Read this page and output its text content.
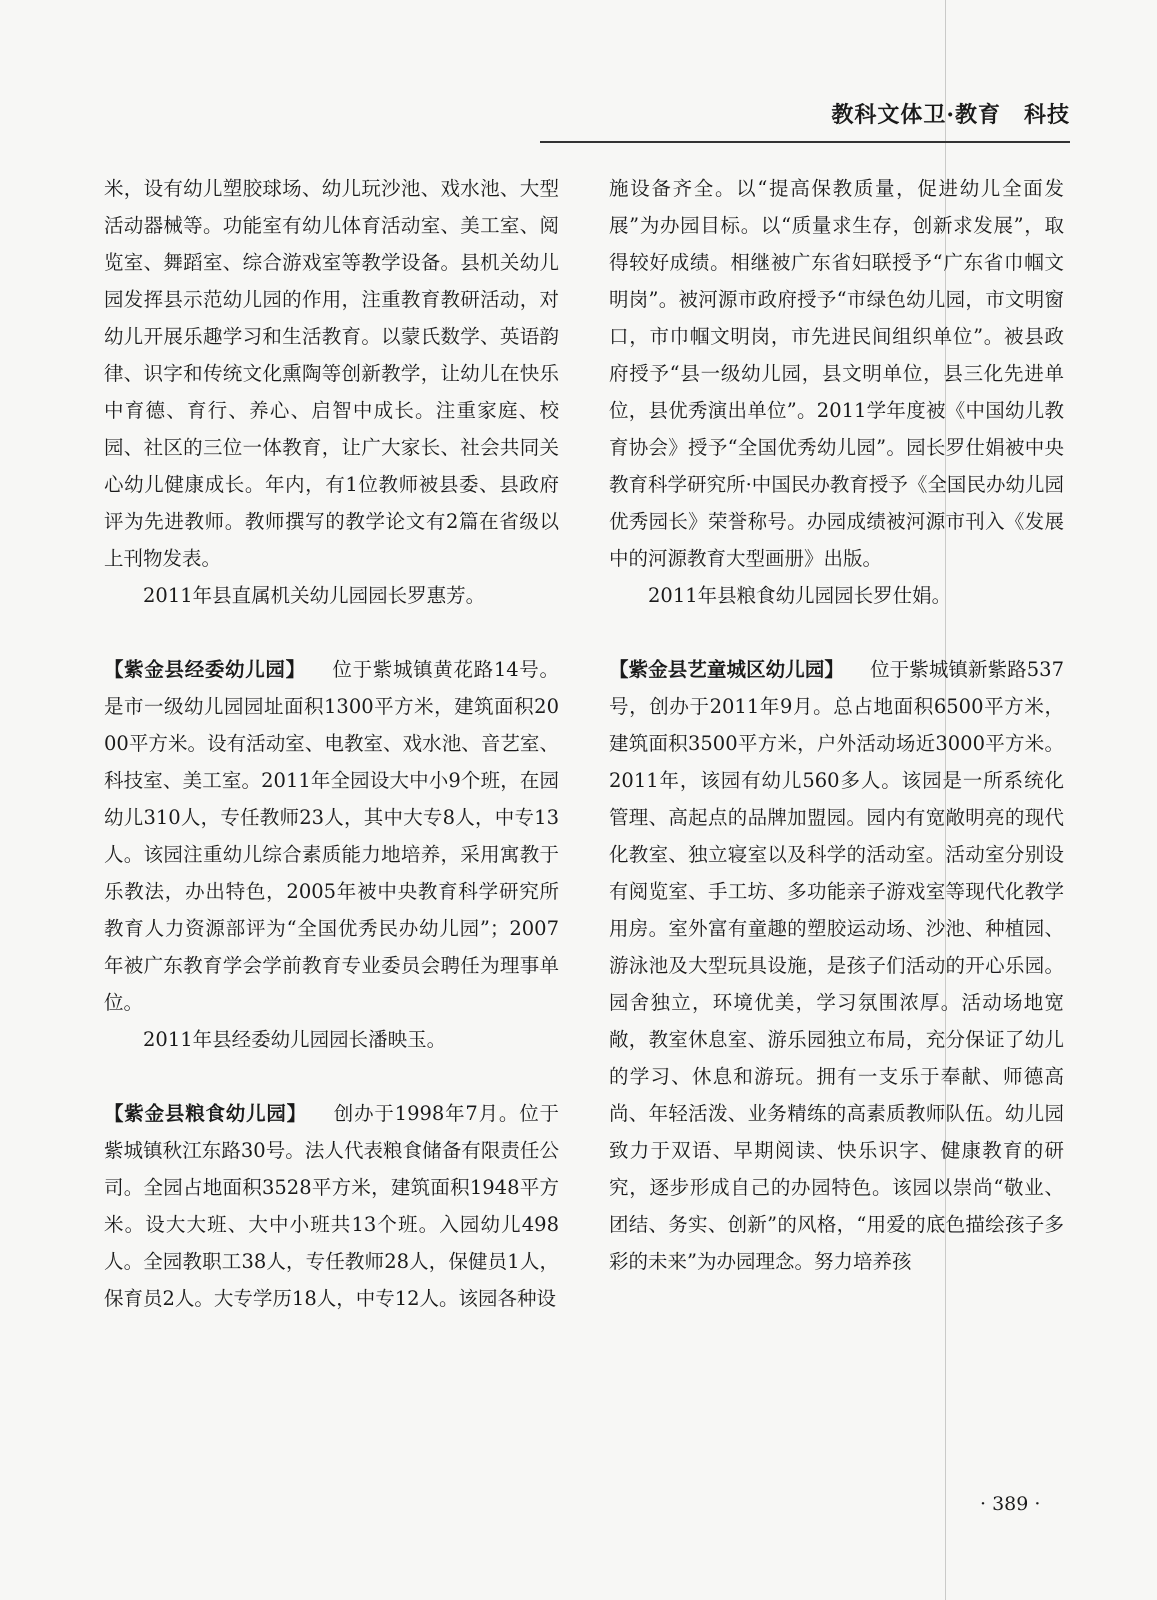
教科文体卫·教育　科技

米，设有幼儿塑胶球场、幼儿玩沙池、戏水池、大型活动器械等。功能室有幼儿体育活动室、美工室、阅览室、舞蹈室、综合游戏室等教学设备。县机关幼儿园发挥县示范幼儿园的作用，注重教育教研活动，对幼儿开展乐趣学习和生活教育。以蒙氏数学、英语韵律、识字和传统文化熏陶等创新教学，让幼儿在快乐中育德、育行、养心、启智中成长。注重家庭、校园、社区的三位一体教育，让广大家长、社会共同关心幼儿健康成长。年内，有1位教师被县委、县政府评为先进教师。教师撰写的教学论文有2篇在省级以上刊物发表。

2011年县直属机关幼儿园园长罗惠芳。

【紫金县经委幼儿园】 位于紫城镇黄花路14号。是市一级幼儿园园址面积1300平方米，建筑面积2000平方米。设有活动室、电教室、戏水池、音艺室、科技室、美工室。2011年全园设大中小9个班，在园幼儿310人，专任教师23人，其中大专8人，中专13人。该园注重幼儿综合素质能力地培养，采用寓教于乐教法，办出特色，2005年被中央教育科学研究所教育人力资源部评为“全国优秀民办幼儿园”；2007年被广东教育学会学前教育专业委员会聘任为理事单位。

2011年县经委幼儿园园长潘映玉。

【紫金县粮食幼儿园】 创办于1998年7月。位于紫城镇秋江东路30号。法人代表粮食储备有限责任公司。全园占地面积3528平方米，建筑面积1948平方米。设大大班、大中小班共13个班。入园幼儿498人。全园教职工38人，专任教师28人，保健员1人，保育员2人。大专学历18人，中专12人。该园各种设

施设备齐全。以“提高保教质量，促进幼儿全面发展”为办园目标。以“质量求生存，创新求发展”，取得较好成绩。相继被广东省妇联授予“广东省巾帼文明岗”。被河源市政府授予“市绿色幼儿园，市文明窗口，市巾帼文明岗，市先进民间组织单位”。被县政府授予“县一级幼儿园，县文明单位，县三化先进单位，县优秀演出单位”。2011学年度被《中国幼儿教育协会》授予“全国优秀幼儿园”。园长罗仕娟被中央教育科学研究所·中国民办教育授予《全国民办幼儿园优秀园长》荣誉称号。办园成绩被河源市刊入《发展中的河源教育大型画册》出版。

2011年县粮食幼儿园园长罗仕娟。

【紫金县艺童城区幼儿园】 位于紫城镇新紫路537号，创办于2011年9月。总占地面积6500平方米，建筑面积3500平方米，户外活动场近3000平方米。2011年，该园有幼儿560多人。该园是一所系统化管理、高起点的品牌加盟园。园内有宽敞明亮的现代化教室、独立寝室以及科学的活动室。活动室分别设有阅览室、手工坊、多功能亲子游戏室等现代化教学用房。室外富有童趣的塑胶运动场、沙池、种植园、游泳池及大型玩具设施，是孩子们活动的开心乐园。园舍独立，环境优美，学习氛围浓厚。活动场地宽敞，教室休息室、游乐园独立布局，充分保证了幼儿的学习、休息和游玩。拥有一支乐于奉献、师德高尚、年轻活泼、业务精练的高素质教师队伍。幼儿园致力于双语、早期阅读、快乐识字、健康教育的研究，逐步形成自己的办园特色。该园以崇尚“敬业、团结、务实、创新”的风格，“用爱的底色描绘孩子多彩的未来”为办园理念。努力培养孩

· 389 ·
